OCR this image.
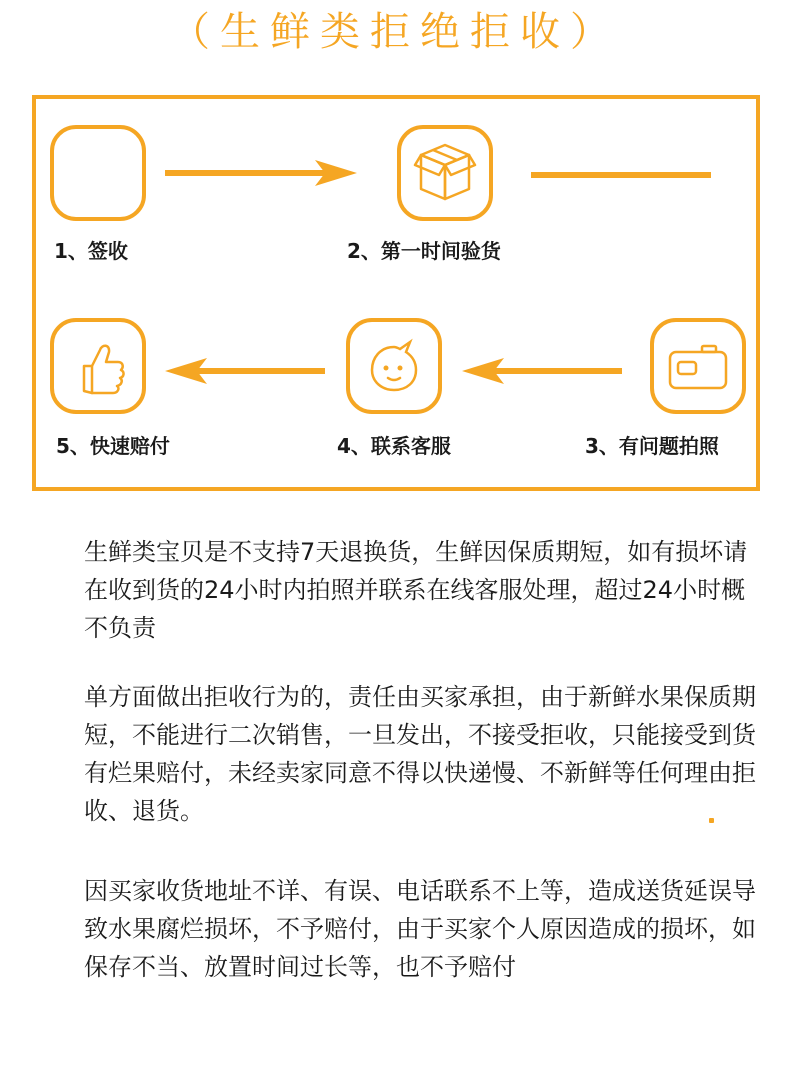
（生鲜类拒绝拒收）
1、签收	2、第一时间验货
5、快速赔付	4、联系客服	3、有问题拍照

生鲜类宝贝是不支持7天退换货，生鲜因保质期短，如有损坏请在收到货的24小时内拍照并联系在线客服处理，超过24小时概不负责

单方面做出拒收行为的，责任由买家承担，由于新鲜水果保质期短，不能进行二次销售，一旦发出，不接受拒收，只能接受到货有烂果赔付，未经卖家同意不得以快递慢、不新鲜等任何理由拒收、退货。

因买家收货地址不详、有误、电话联系不上等，造成送货延误导致水果腐烂损坏，不予赔付，由于买家个人原因造成的损坏，如保存不当、放置时间过长等，也不予赔付
